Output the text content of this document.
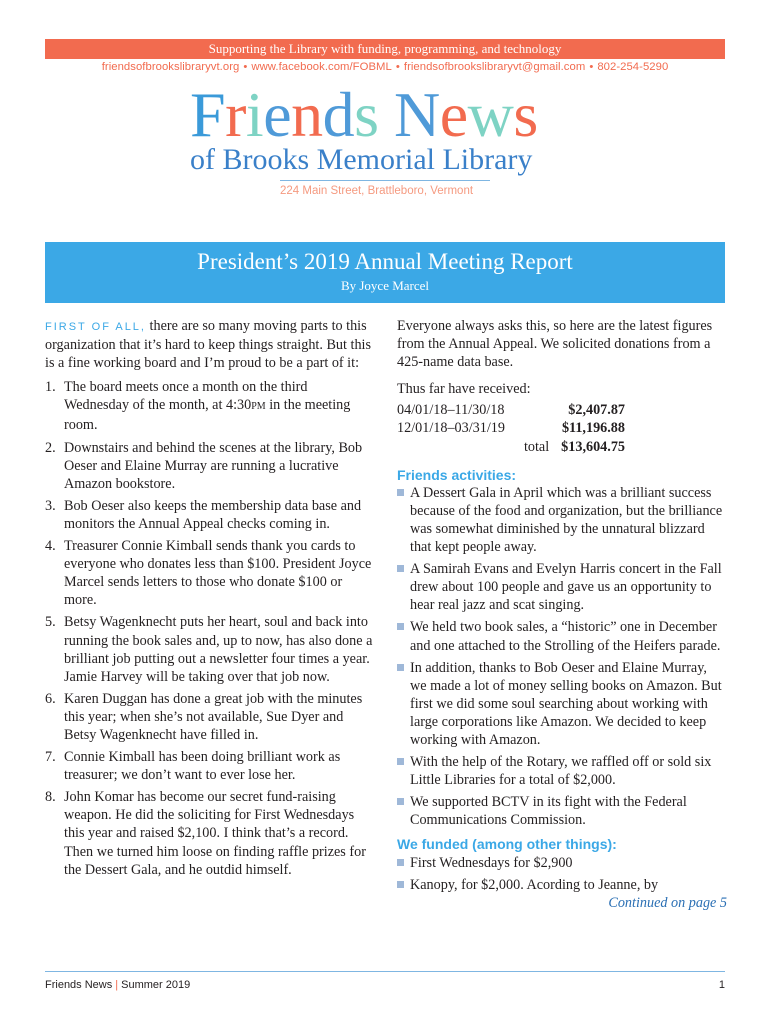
Supporting the Library with funding, programming, and technology
friendsofbrookslibraryvt.org • www.facebook.com/FOBML • friendsofbrookslibraryvt@gmail.com • 802-254-5290
Friends News
of Brooks Memorial Library
224 Main Street, Brattleboro, Vermont
President’s 2019 Annual Meeting Report
By Joyce Marcel

FIRST OF ALL, there are so many moving parts to this organization that it’s hard to keep things straight. But this is a fine working board and I’m proud to be a part of it:

1. The board meets once a month on the third Wednesday of the month, at 4:30PM in the meeting room.
2. Downstairs and behind the scenes at the library, Bob Oeser and Elaine Murray are running a lucrative Amazon bookstore.
3. Bob Oeser also keeps the membership data base and monitors the Annual Appeal checks coming in.
4. Treasurer Connie Kimball sends thank you cards to everyone who donates less than $100. President Joyce Marcel sends letters to those who donate $100 or more.
5. Betsy Wagenknecht puts her heart, soul and back into running the book sales and, up to now, has also done a brilliant job putting out a newsletter four times a year. Jamie Harvey will be taking over that job now.
6. Karen Duggan has done a great job with the minutes this year; when she’s not available, Sue Dyer and Betsy Wagenknecht have filled in.
7. Connie Kimball has been doing brilliant work as treasurer; we don’t want to ever lose her.
8. John Komar has become our secret fund-raising weapon. He did the soliciting for First Wednesdays this year and raised $2,100. I think that’s a record. Then we turned him loose on finding raffle prizes for the Dessert Gala, and he outdid himself.

Everyone always asks this, so here are the latest figures from the Annual Appeal. We solicited donations from a 425-name data base.

Thus far have received:

04/01/18–11/30/18	$2,407.87
12/01/18–03/31/19	$11,196.88
total $13,604.75
Friends activities:
A Dessert Gala in April which was a brilliant success because of the food and organization, but the brilliance was somewhat diminished by the unnatural blizzard that kept people away.
A Samirah Evans and Evelyn Harris concert in the Fall drew about 100 people and gave us an opportunity to hear real jazz and scat singing.
We held two book sales, a “historic” one in December and one attached to the Strolling of the Heifers parade.
In addition, thanks to Bob Oeser and Elaine Murray, we made a lot of money selling books on Amazon. But first we did some soul searching about working with large corporations like Amazon. We decided to keep working with Amazon.
With the help of the Rotary, we raffled off or sold six Little Libraries for a total of $2,000.
We supported BCTV in its fight with the Federal Communications Commission.
We funded (among other things):
First Wednesdays for $2,900
Kanopy, for $2,000. Acording to Jeanne, by

Continued on page 5

Friends News | Summer 2019	1
